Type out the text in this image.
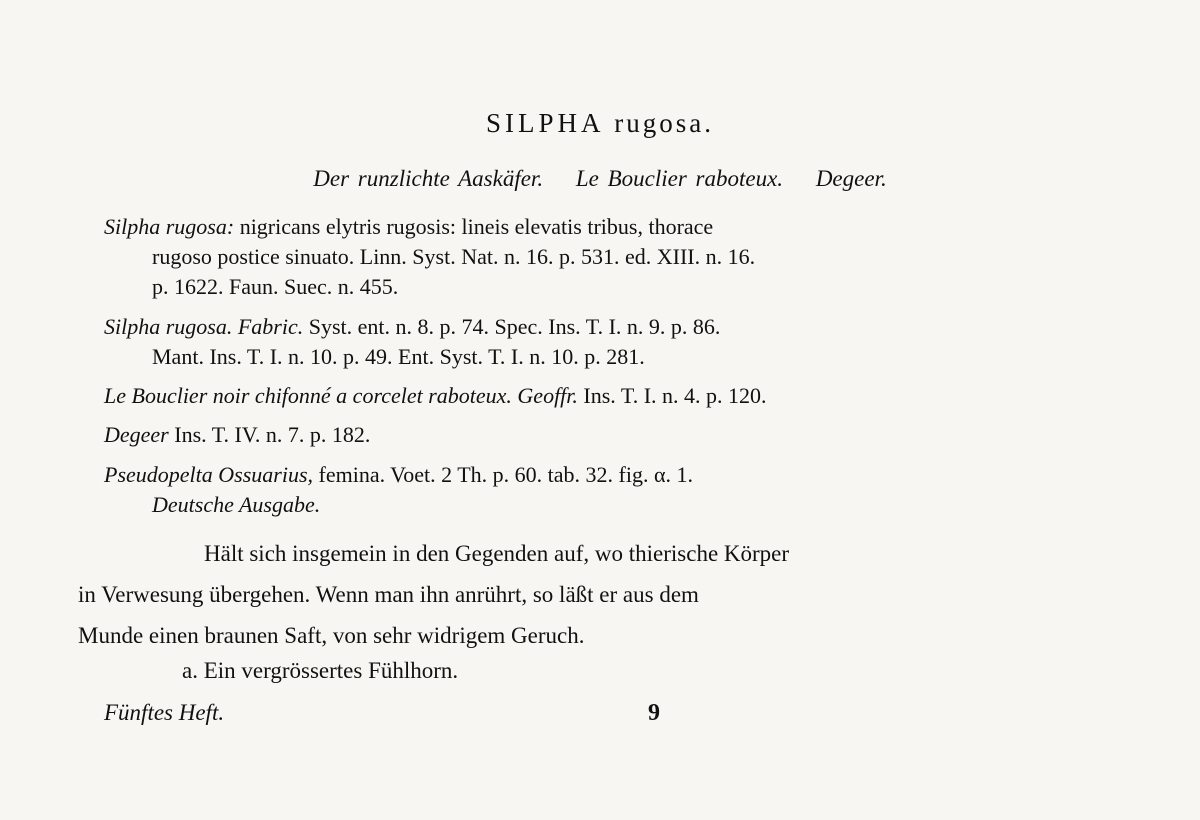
SILPHA rugosa.
Der runzlichte Aaskäfer. Le Bouclier raboteux. Degeer.
Silpha rugosa: nigricans elytris rugosis: lineis elevatis tribus, thorace
rugoso postice sinuato. Linn. Syst. Nat. n. 16. p. 531. ed. XIII. n. 16.
p. 1622. Faun. Suec. n. 455.
Silpha rugosa. Fabric. Syst. ent. n. 8. p. 74. Spec. Ins. T. I. n. 9. p. 86.
Mant. Ins. T. I. n. 10. p. 49. Ent. Syst. T. I. n. 10. p. 281.
Le Bouclier noir chifonné a corcelet raboteux. Geoffr. Ins. T. I. n. 4. p. 120.
Degeer Ins. T. IV. n. 7. p. 182.
Pseudopelta Ossuarius, femina. Voet. 2 Th. p. 60. tab. 32. fig. α. 1.
Deutsche Ausgabe.
Hält sich insgemein in den Gegenden auf, wo thierische Körper
in Verwesung übergehen. Wenn man ihn anrührt, so läßt er aus dem
Munde einen braunen Saft, von sehr widrigem Geruch.
a. Ein vergrössertes Fühlhorn.
Fünftes Heft.	9
